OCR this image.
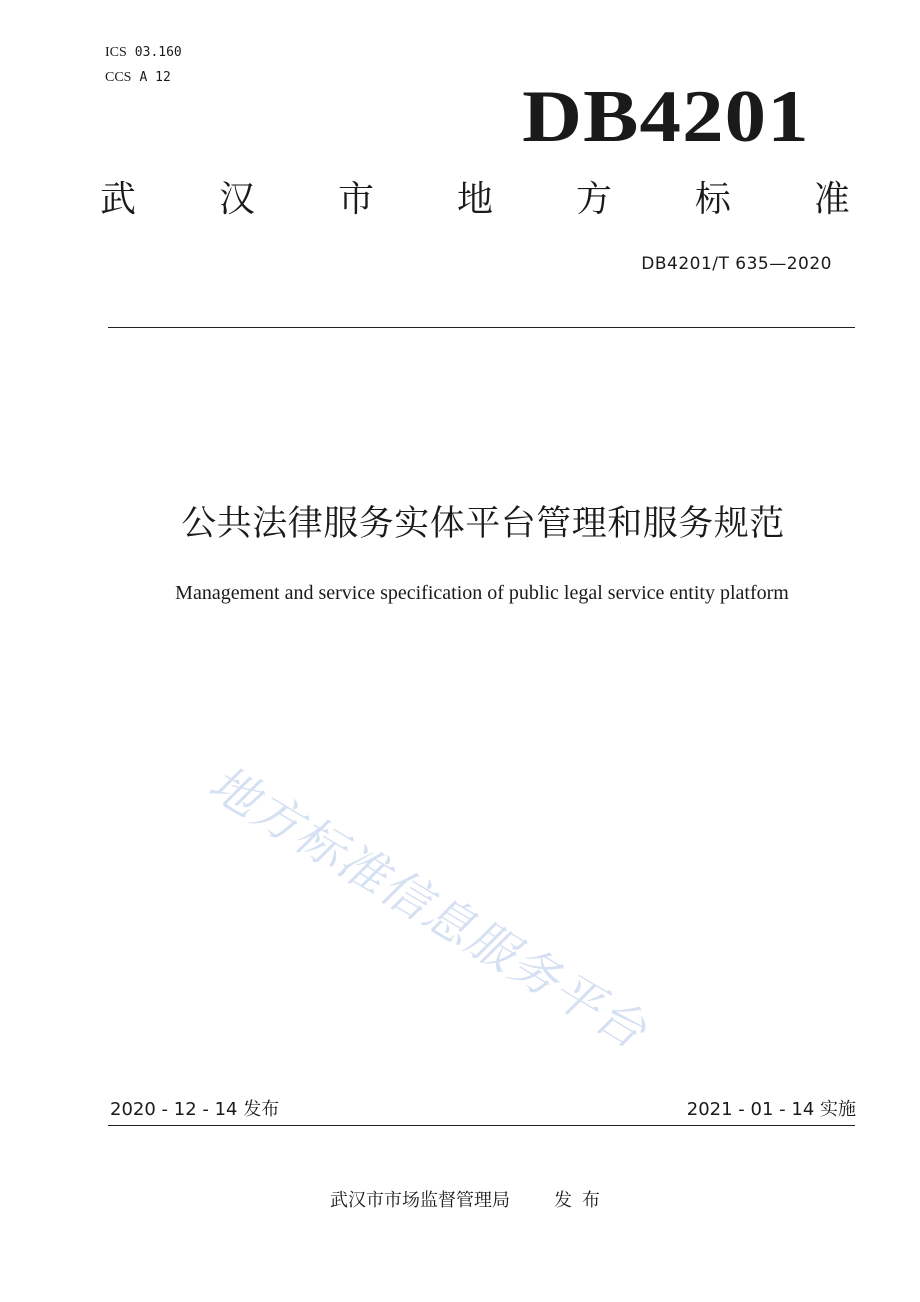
ICS 03.160
CCS A 12	DB4201
武 汉 市 地 方 标 准
DB4201/T 635—2020
公共法律服务实体平台管理和服务规范
Management and service specification of public legal service entity platform
地方标准信息服务平台
2020 - 12 - 14 发布	2021 - 01 - 14 实施
武汉市市场监督管理局 发布
